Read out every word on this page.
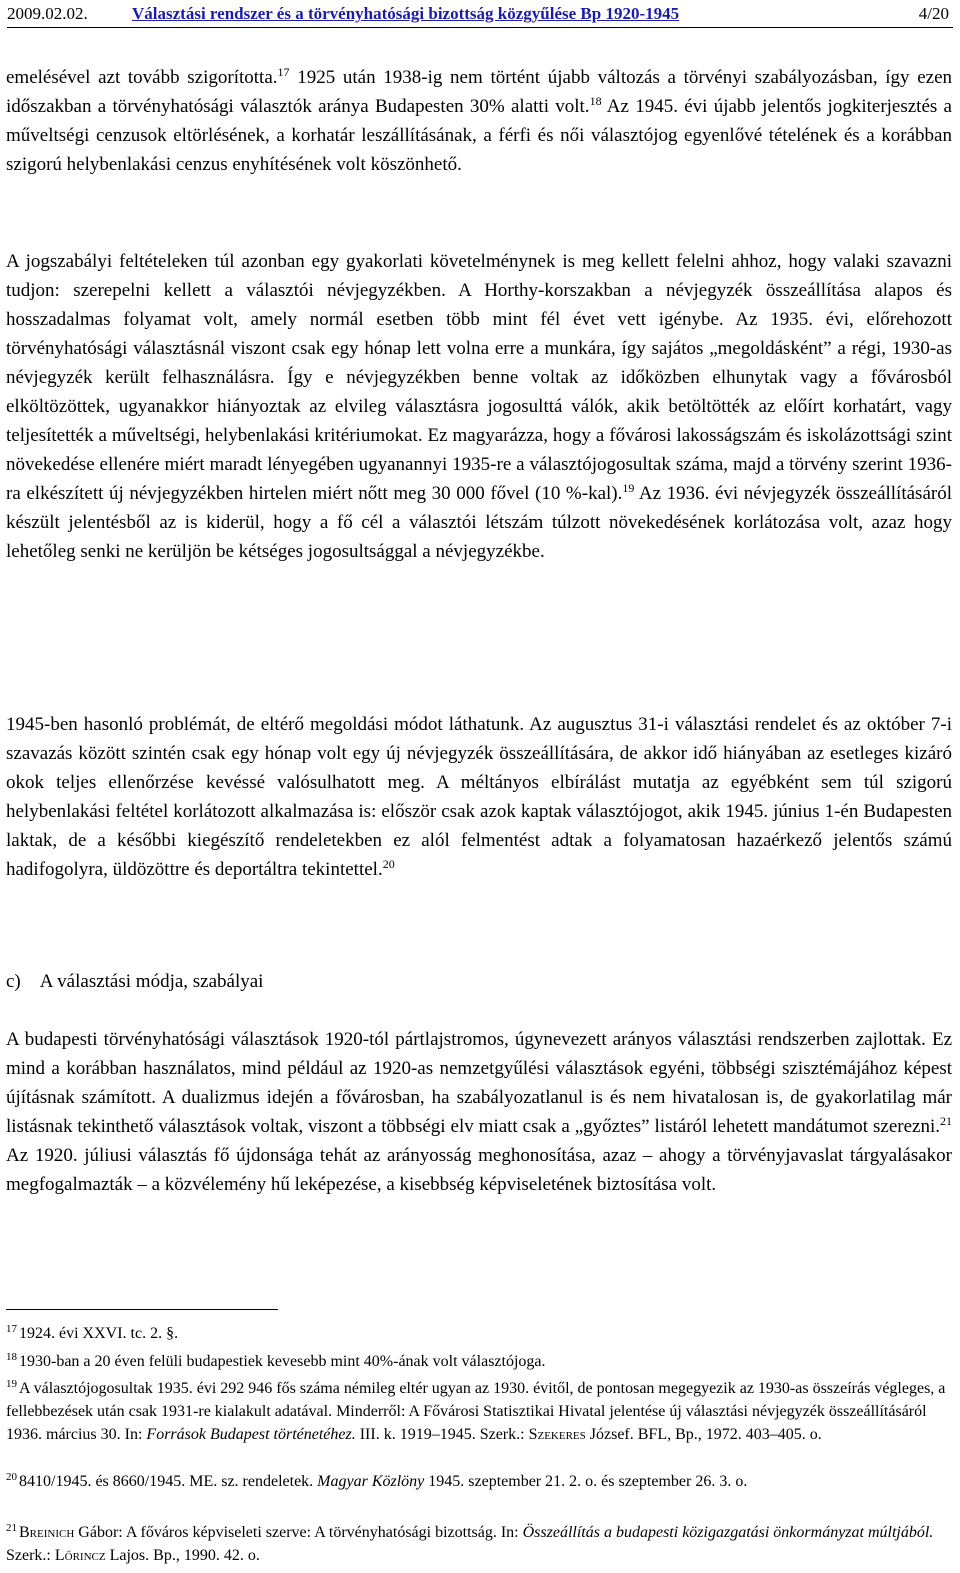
2009.02.02.	Választási rendszer és a törvényhatósági bizottság közgyűlése Bp 1920-1945	4/20

emelésével azt tovább szigorította.$^{17}$ 1925 után 1938-ig nem történt újabb változás a törvényi szabályozásban, így ezen időszakban a törvényhatósági választók aránya Budapesten 30% alatti volt.$^{18}$ Az 1945. évi újabb jelentős jogkiterjesztés a műveltségi cenzusok eltörlésének, a korhatár leszállításának, a férfi és női választójog egyenlővé tételének és a korábban szigorú helybenlakási cenzus enyhítésének volt köszönhető.

A jogszabályi feltételeken túl azonban egy gyakorlati követelménynek is meg kellett felelni ahhoz, hogy valaki szavazni tudjon: szerepelni kellett a választói névjegyzékben. A Horthy-korszakban a névjegyzék összeállítása alapos és hosszadalmas folyamat volt, amely normál esetben több mint fél évet vett igénybe. Az 1935. évi, előrehozott törvényhatósági választásnál viszont csak egy hónap lett volna erre a munkára, így sajátos „megoldásként” a régi, 1930-as névjegyzék került felhasználásra. Így e névjegyzékben benne voltak az időközben elhunytak vagy a fővárosból elköltözöttek, ugyanakkor hiányoztak az elvileg választásra jogosulttá válók, akik betöltötték az előírt korhatárt, vagy teljesítették a műveltségi, helybenlakási kritériumokat. Ez magyarázza, hogy a fővárosi lakosságszám és iskolázottsági szint növekedése ellenére miért maradt lényegében ugyanannyi 1935-re a választójogosultak száma, majd a törvény szerint 1936-ra elkészített új névjegyzékben hirtelen miért nőtt meg 30 000 fővel (10 %-kal).$^{19}$ Az 1936. évi névjegyzék összeállításáról készült jelentésből az is kiderül, hogy a fő cél a választói létszám túlzott növekedésének korlátozása volt, azaz hogy lehetőleg senki ne kerüljön be kétséges jogosultsággal a névjegyzékbe.

1945-ben hasonló problémát, de eltérő megoldási módot láthatunk. Az augusztus 31-i választási rendelet és az október 7-i szavazás között szintén csak egy hónap volt egy új névjegyzék összeállítására, de akkor idő hiányában az esetleges kizáró okok teljes ellenőrzése kevéssé valósulhatott meg. A méltányos elbírálást mutatja az egyébként sem túl szigorú helybenlakási feltétel korlátozott alkalmazása is: először csak azok kaptak választójogot, akik 1945. június 1-én Budapesten laktak, de a későbbi kiegészítő rendeletekben ez alól felmentést adtak a folyamatosan hazaérkező jelentős számú hadifogolyra, üldözöttre és deportáltra tekintettel.$^{20}$

c) A választási módja, szabályai

A budapesti törvényhatósági választások 1920-tól pártlajstromos, úgynevezett arányos választási rendszerben zajlottak. Ez mind a korábban használatos, mind például az 1920-as nemzetgyűlési választások egyéni, többségi szisztémájához képest újításnak számított. A dualizmus idején a fővárosban, ha szabályozatlanul is és nem hivatalosan is, de gyakorlatilag már listásnak tekinthető választások voltak, viszont a többségi elv miatt csak a „győztes” listáról lehetett mandátumot szerezni.$^{21}$ Az 1920. júliusi választás fő újdonsága tehát az arányosság meghonosítása, azaz – ahogy a törvényjavaslat tárgyalásakor megfogalmazták – a közvélemény hű leképezése, a kisebbség képviseletének biztosítása volt.

$^{17}$ 1924. évi XXVI. tc. 2. §.

$^{18}$ 1930-ban a 20 éven felüli budapestiek kevesebb mint 40%-ának volt választójoga.

$^{19}$ A választójogosultak 1935. évi 292 946 fős száma némileg eltér ugyan az 1930. évitől, de pontosan megegyezik az 1930-as összeírás végleges, a fellebbezések után csak 1931-re kialakult adatával. Minderről: A Fővárosi Statisztikai Hivatal jelentése új választási névjegyzék összeállításáról 1936. március 30. In: Források Budapest történetéhez. III. k. 1919–1945. Szerk.: Szekeres József. BFL, Bp., 1972. 403–405. o.

$^{20}$ 8410/1945. és 8660/1945. ME. sz. rendeletek. Magyar Közlöny 1945. szeptember 21. 2. o. és szeptember 26. 3. o.

$^{21}$ Breinich Gábor: A főváros képviseleti szerve: A törvényhatósági bizottság. In: Összeállítás a budapesti közigazgatási önkormányzat múltjából. Szerk.: Lőrincz Lajos. Bp., 1990. 42. o.
